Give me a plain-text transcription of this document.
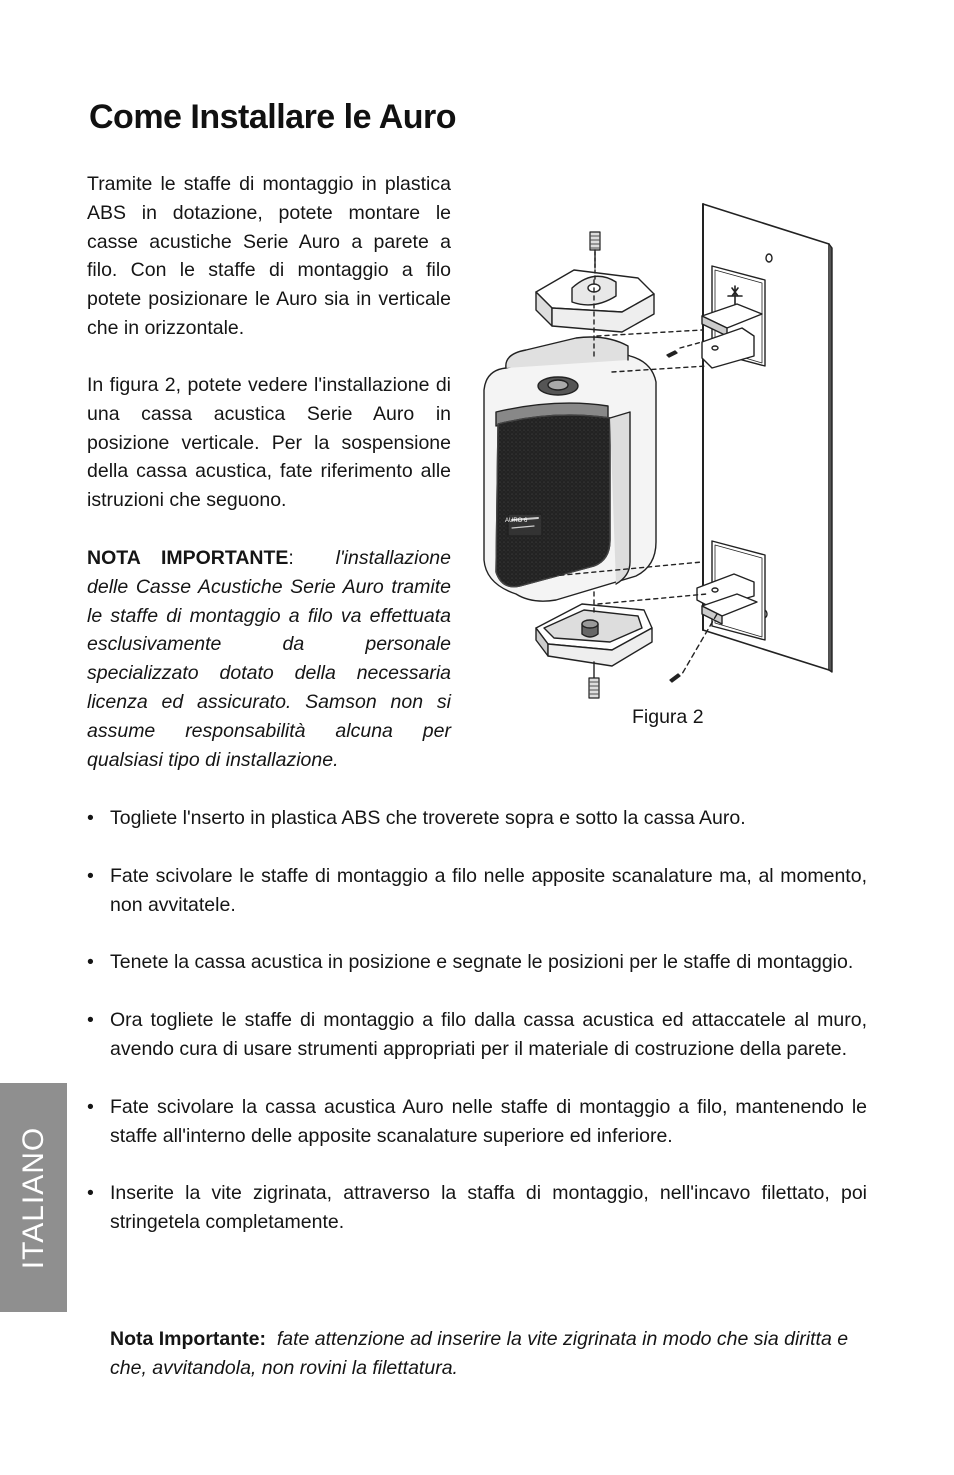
Come Installare le Auro

Tramite le staffe di montaggio in plastica ABS in dotazione, potete montare le casse acustiche Serie Auro a parete a filo. Con le staffe di montaggio a filo potete posizionare le Auro sia in verticale che in orizzontale.

In figura 2, potete vedere l'installazione di una cassa acustica Serie Auro in posizione verticale. Per la sospensione della cassa acustica, fate riferimento alle istruzioni che seguono.

NOTA IMPORTANTE:  l'installazione delle Casse Acustiche Serie Auro tramite le staffe di montaggio a filo va effettuata esclusivamente da personale specializzato dotato della necessaria licenza ed assicurato. Samson non si assume responsabilità alcuna per qualsiasi tipo di installazione.

AURO 6
Figura 2
• Togliete l'nserto in plastica ABS che troverete sopra e sotto la cassa Auro.
• Fate scivolare le staffe di montaggio a filo nelle apposite scanalature ma, al momento, non avvitatele.
• Tenete la cassa acustica in posizione e segnate le posizioni per le staffe di montaggio.
• Ora togliete le staffe di montaggio a filo dalla cassa acustica ed attaccatele al muro, avendo cura di usare strumenti appropriati per il materiale di costruzione della parete.
• Fate scivolare la cassa acustica Auro nelle staffe di montaggio a filo, mantenendo le staffe all'interno delle apposite scanalature superiore ed inferiore.
• Inserite la vite zigrinata, attraverso la staffa di montaggio, nell'incavo filettato, poi stringetela completamente.
Nota Importante: fate attenzione ad inserire la vite zigrinata in modo che sia diritta e che, avvitandola, non rovini la filettatura.
ITALIANO
